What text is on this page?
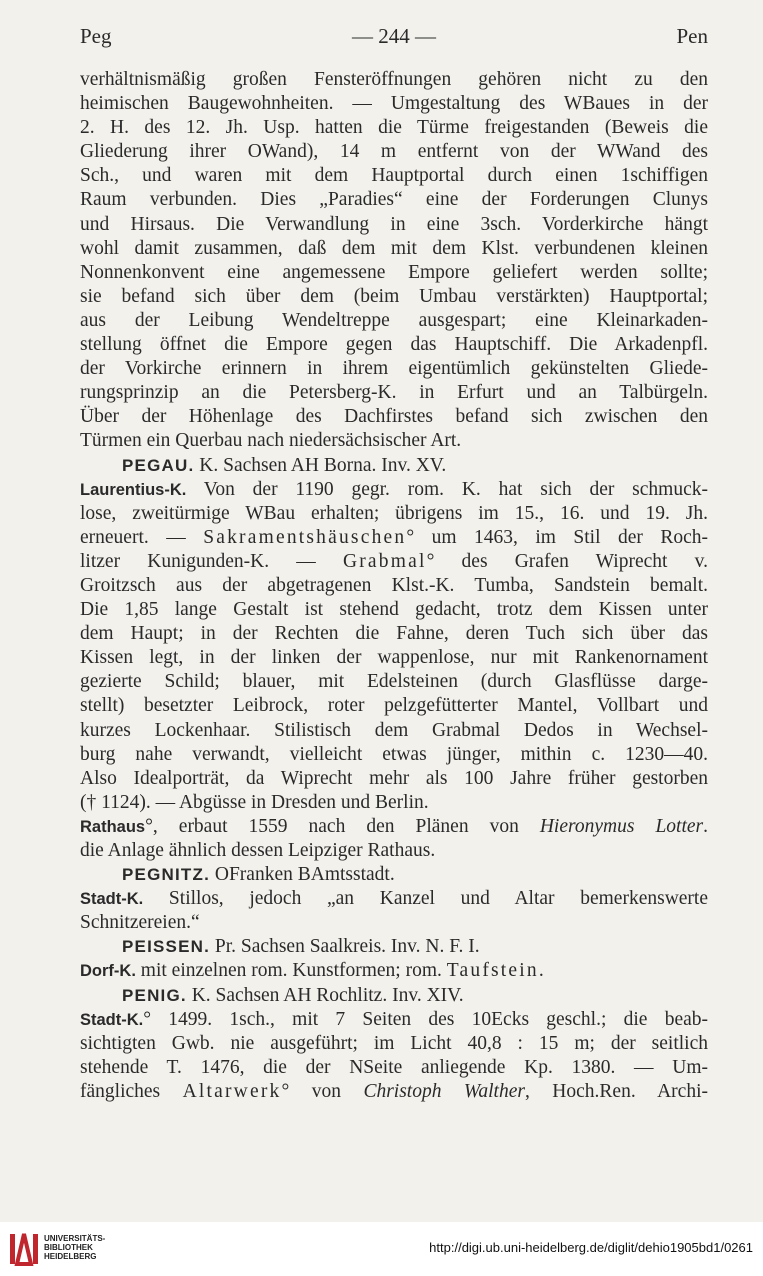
Peg	— 244 —	Pen
verhältnismäßig großen Fensteröffnungen gehören nicht zu den
heimischen Baugewohnheiten. — Umgestaltung des WBaues in der
2. H. des 12. Jh. Usp. hatten die Türme freigestanden (Beweis die
Gliederung ihrer OWand), 14 m entfernt von der WWand des
Sch., und waren mit dem Hauptportal durch einen 1schiffigen
Raum verbunden. Dies „Paradies“ eine der Forderungen Clunys
und Hirsaus. Die Verwandlung in eine 3sch. Vorderkirche hängt
wohl damit zusammen, daß dem mit dem Klst. verbundenen kleinen
Nonnenkonvent eine angemessene Empore geliefert werden sollte;
sie befand sich über dem (beim Umbau verstärkten) Hauptportal;
aus der Leibung Wendeltreppe ausgespart; eine Kleinarkaden-
stellung öffnet die Empore gegen das Hauptschiff. Die Arkadenpfl.
der Vorkirche erinnern in ihrem eigentümlich gekünstelten Gliede-
rungsprinzip an die Petersberg-K. in Erfurt und an Talbürgeln.
Über der Höhenlage des Dachfirstes befand sich zwischen den
Türmen ein Querbau nach niedersächsischer Art.
PEGAU. K. Sachsen AH Borna. Inv. XV.
Laurentius-K. Von der 1190 gegr. rom. K. hat sich der schmuck-
lose, zweitürmige WBau erhalten; übrigens im 15., 16. und 19. Jh.
erneuert. — Sakramentshäuschen° um 1463, im Stil der Roch-
litzer Kunigunden-K. — Grabmal° des Grafen Wiprecht v.
Groitzsch aus der abgetragenen Klst.-K. Tumba, Sandstein bemalt.
Die 1,85 lange Gestalt ist stehend gedacht, trotz dem Kissen unter
dem Haupt; in der Rechten die Fahne, deren Tuch sich über das
Kissen legt, in der linken der wappenlose, nur mit Rankenornament
gezierte Schild; blauer, mit Edelsteinen (durch Glasflüsse darge-
stellt) besetzter Leibrock, roter pelzgefütterter Mantel, Vollbart und
kurzes Lockenhaar. Stilistisch dem Grabmal Dedos in Wechsel-
burg nahe verwandt, vielleicht etwas jünger, mithin c. 1230—40.
Also Idealporträt, da Wiprecht mehr als 100 Jahre früher gestorben
(† 1124). — Abgüsse in Dresden und Berlin.
Rathaus°, erbaut 1559 nach den Plänen von Hieronymus Lotter.
die Anlage ähnlich dessen Leipziger Rathaus.
PEGNITZ. OFranken BAmtsstadt.
Stadt-K. Stillos, jedoch „an Kanzel und Altar bemerkenswerte
Schnitzereien.“
PEISSEN. Pr. Sachsen Saalkreis. Inv. N. F. I.
Dorf-K. mit einzelnen rom. Kunstformen; rom. Taufstein.
PENIG. K. Sachsen AH Rochlitz. Inv. XIV.
Stadt-K.° 1499. 1sch., mit 7 Seiten des 10Ecks geschl.; die beab-
sichtigten Gwb. nie ausgeführt; im Licht 40,8 : 15 m; der seitlich
stehende T. 1476, die der NSeite anliegende Kp. 1380. — Um-
fängliches Altarwerk° von Christoph Walther, Hoch.Ren. Archi-
UNIVERSITÄTS-
BIBLIOTHEK
HEIDELBERG
http://digi.ub.uni-heidelberg.de/diglit/dehio1905bd1/0261
